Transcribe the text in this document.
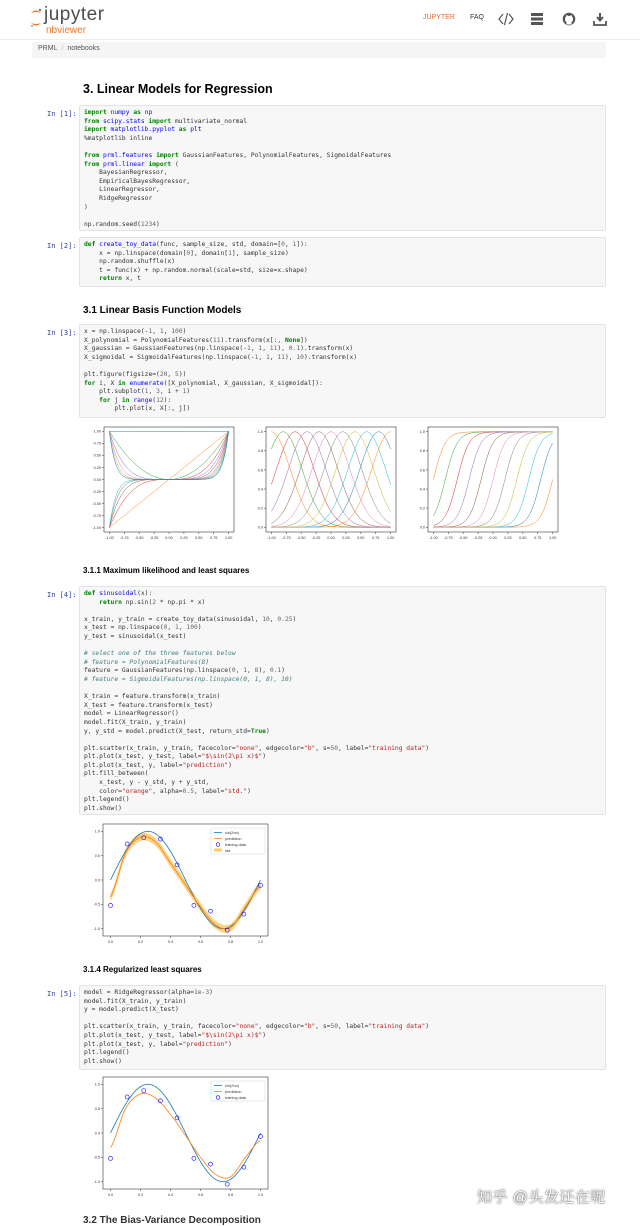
jupyter
nbviewer
JUPYTER FAQ
PRML / notebooks
3. Linear Models for Regression
In [1]: import numpy as np
from scipy.stats import multivariate_normal
import matplotlib.pyplot as plt
%matplotlib inline

from prml.features import GaussianFeatures, PolynomialFeatures, SigmoidalFeatures
from prml.linear import (
BayesianRegressor,
EmpiricalBayesRegressor,
LinearRegressor,
RidgeRegressor
)

np.random.seed(1234)
In [2]: def create_toy_data(func, sample_size, std, domain=[0, 1]):
x = np.linspace(domain[0], domain[1], sample_size)
np.random.shuffle(x)
t = func(x) + np.random.normal(scale=std, size=x.shape)
return x, t
3.1 Linear Basis Function Models
In [3]: x = np.linspace(-1, 1, 100)
X_polynomial = PolynomialFeatures(11).transform(x[:, None])
X_gaussian = GaussianFeatures(np.linspace(-1, 1, 11), 0.1).transform(x)
X_sigmoidal = SigmoidalFeatures(np.linspace(-1, 1, 11), 10).transform(x)

plt.figure(figsize=(20, 5))
for i, X in enumerate([X_polynomial, X_gaussian, X_sigmoidal]):
plt.subplot(1, 3, i + 1)
for j in range(12):
plt.plot(x, X[:, j])
-1.00 -0.75 -0.50 -0.25 0.00 0.25 0.50 0.75 1.00
1.00
0.75
0.50
0.25
0.00
-0.25
-0.50
-0.75
-1.00
-1.00 -0.75 -0.50 -0.25 0.00 0.25 0.50 0.75 1.00
1.0
0.8
0.6
0.4
0.2
0.0
-1.00 -0.75 -0.50 -0.25 0.00 0.25 0.50 0.75 1.00
1.0
0.8
0.6
0.4
0.2
0.0
3.1.1 Maximum likelihood and least squares
In [4]: def sinusoidal(x):
return np.sin(2 * np.pi * x)

x_train, y_train = create_toy_data(sinusoidal, 10, 0.25)
x_test = np.linspace(0, 1, 100)
y_test = sinusoidal(x_test)

# select one of the three features below
# feature = PolynomialFeatures(8)
feature = GaussianFeatures(np.linspace(0, 1, 8), 0.1)
# feature = SigmoidalFeatures(np.linspace(0, 1, 8), 10)

X_train = feature.transform(x_train)
X_test = feature.transform(x_test)
model = LinearRegressor()
model.fit(X_train, y_train)
y, y_std = model.predict(X_test, return_std=True)

plt.scatter(x_train, y_train, facecolor="none", edgecolor="b", s=50, label="training data")
plt.plot(x_test, y_test, label="$\sin(2\pi x)$")
plt.plot(x_test, y, label="prediction")
plt.fill_between(
x_test, y - y_std, y + y_std,
color="orange", alpha=0.5, label="std.")
plt.legend()
plt.show()
0.0	0.2	0.4	0.6	0.8	1.0
1.0
0.5
0.0
-0.5
-1.0
sin(2πx)
prediction
training data
std.
3.1.4 Regularized least squares
In [5]: model = RidgeRegressor(alpha=1e-3)
model.fit(X_train, y_train)
y = model.predict(X_test)

plt.scatter(x_train, y_train, facecolor="none", edgecolor="b", s=50, label="training data")
plt.plot(x_test, y_test, label="$\sin(2\pi x)$")
plt.plot(x_test, y, label="prediction")
plt.legend()
plt.show()
0.0	0.2	0.4	0.6	0.8	1.0
1.0
0.5
0.0
-0.5
-1.0
sin(2πx)
prediction
training data
3.2 The Bias-Variance Decomposition
知乎 @头发还在呢
